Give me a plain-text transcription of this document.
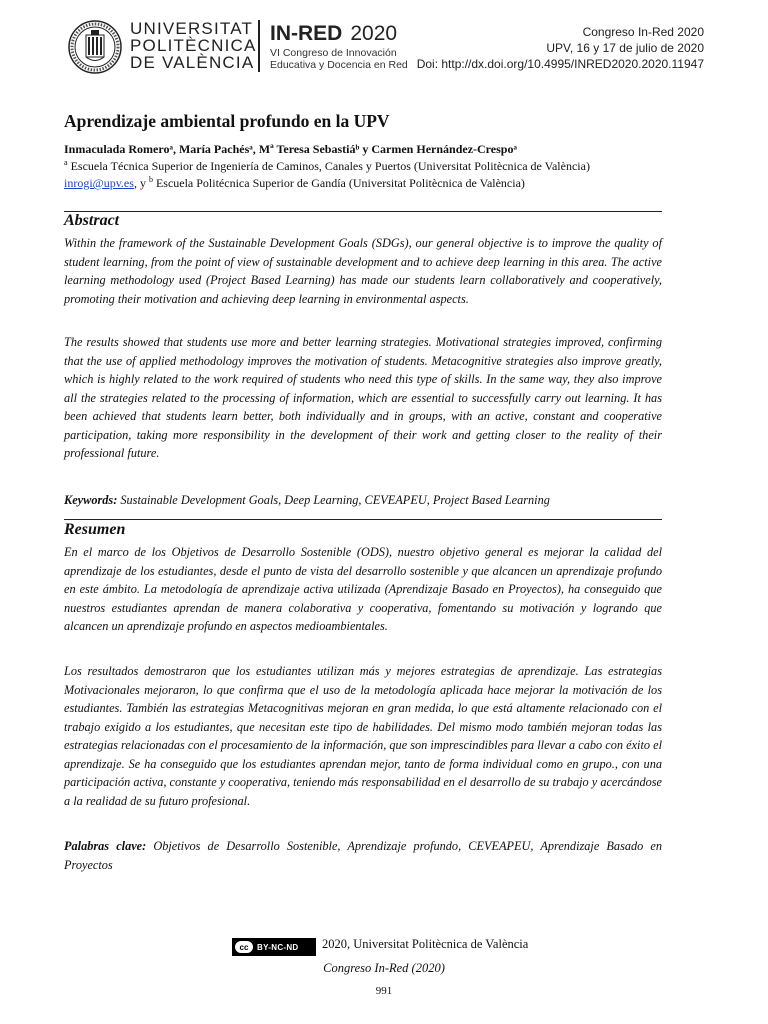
UNIVERSITAT
POLITÈCNICA
DE VALÈNCIA
IN-RED 2020
VI Congreso de Innovación
Educativa y Docencia en Red
Congreso In-Red 2020
UPV, 16 y 17 de julio de 2020
Doi: http://dx.doi.org/10.4995/INRED2020.2020.11947
Aprendizaje ambiental profundo en la UPV
Inmaculada Romeroᵃ, María Pachésᵃ, Mª Teresa Sebastiáᵇ y Carmen Hernández-Crespoᵃ
$^a$ Escuela Técnica Superior de Ingeniería de Caminos, Canales y Puertos (Universitat Politècnica de València)
inrogi@upv.es, y $^b$ Escuela Politécnica Superior de Gandía (Universitat Politècnica de València)
Abstract
Within the framework of the Sustainable Development Goals (SDGs), our general objective is to improve the quality of student learning, from the point of view of sustainable development and to achieve deep learning in this area. The active learning methodology used (Project Based Learning) has made our students learn collaboratively and cooperatively, promoting their motivation and achieving deep learning in environmental aspects.
The results showed that students use more and better learning strategies. Motivational strategies improved, confirming that the use of applied methodology improves the motivation of students. Metacognitive strategies also improve greatly, which is highly related to the work required of students who need this type of skills. In the same way, they also improve all the strategies related to the processing of information, which are essential to successfully carry out learning. It has been achieved that students learn better, both individually and in groups, with an active, constant and cooperative participation, taking more responsibility in the development of their work and getting closer to the reality of their professional future.
Keywords: Sustainable Development Goals, Deep Learning, CEVEAPEU, Project Based Learning
Resumen
En el marco de los Objetivos de Desarrollo Sostenible (ODS), nuestro objetivo general es mejorar la calidad del aprendizaje de los estudiantes, desde el punto de vista del desarrollo sostenible y que alcancen un aprendizaje profundo en este ámbito. La metodología de aprendizaje activa utilizada (Aprendizaje Basado en Proyectos), ha conseguido que nuestros estudiantes aprendan de manera colaborativa y cooperativa, fomentando su motivación y logrando que alcancen un aprendizaje profundo en aspectos medioambientales.
Los resultados demostraron que los estudiantes utilizan más y mejores estrategias de aprendizaje. Las estrategias Motivacionales mejoraron, lo que confirma que el uso de la metodología aplicada hace mejorar la motivación de los estudiantes. También las estrategias Metacognitivas mejoran en gran medida, lo que está altamente relacionado con el trabajo exigido a los estudiantes, que necesitan este tipo de habilidades. Del mismo modo también mejoran todas las estrategias relacionadas con el procesamiento de la información, que son imprescindibles para llevar a cabo con éxito el aprendizaje. Se ha conseguido que los estudiantes aprendan mejor, tanto de forma individual como en grupo., con una participación activa, constante y cooperativa, teniendo más responsabilidad en el desarrollo de su trabajo y acercándose a la realidad de su futuro profesional.
Palabras clave: Objetivos de Desarrollo Sostenible, Aprendizaje profundo, CEVEAPEU, Aprendizaje Basado en Proyectos
cc	BY-NC-ND 2020, Universitat Politècnica de València
Congreso In-Red (2020)
991
